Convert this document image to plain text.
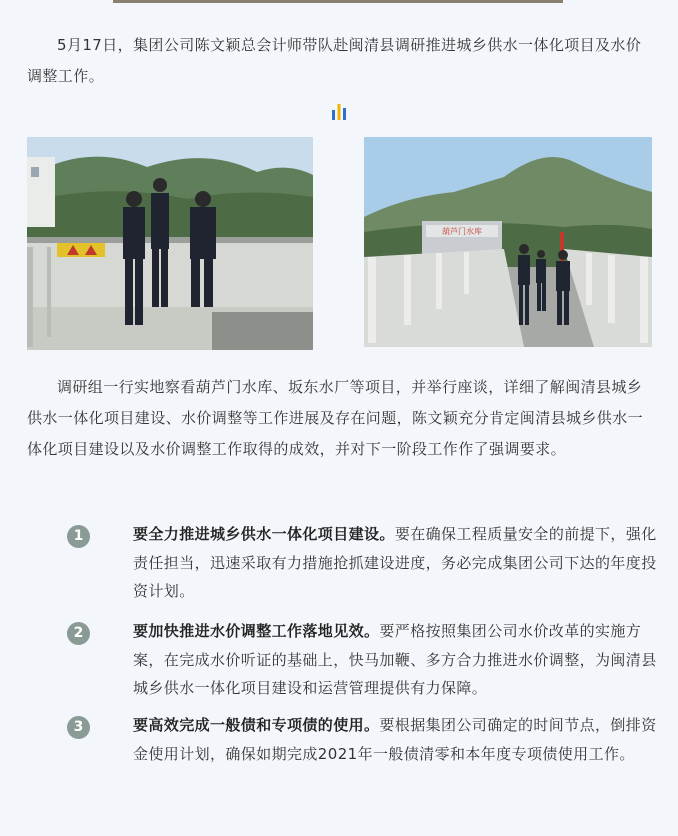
5月17日，集团公司陈文颖总会计师带队赴闽清县调研推进城乡供水一体化项目及水价调整工作。

葫芦门水库

调研组一行实地察看葫芦门水库、坂东水厂等项目，并举行座谈，详细了解闽清县城乡供水一体化项目建设、水价调整等工作进展及存在问题，陈文颖充分肯定闽清县城乡供水一体化项目建设以及水价调整工作取得的成效，并对下一阶段工作作了强调要求。

1	要全力推进城乡供水一体化项目建设。要在确保工程质量安全的前提下，强化责任担当，迅速采取有力措施抢抓建设进度，务必完成集团公司下达的年度投资计划。

2	要加快推进水价调整工作落地见效。要严格按照集团公司水价改革的实施方案，在完成水价听证的基础上，快马加鞭、多方合力推进水价调整，为闽清县城乡供水一体化项目建设和运营管理提供有力保障。

3	要高效完成一般债和专项债的使用。要根据集团公司确定的时间节点，倒排资金使用计划，确保如期完成2021年一般债清零和本年度专项债使用工作。
